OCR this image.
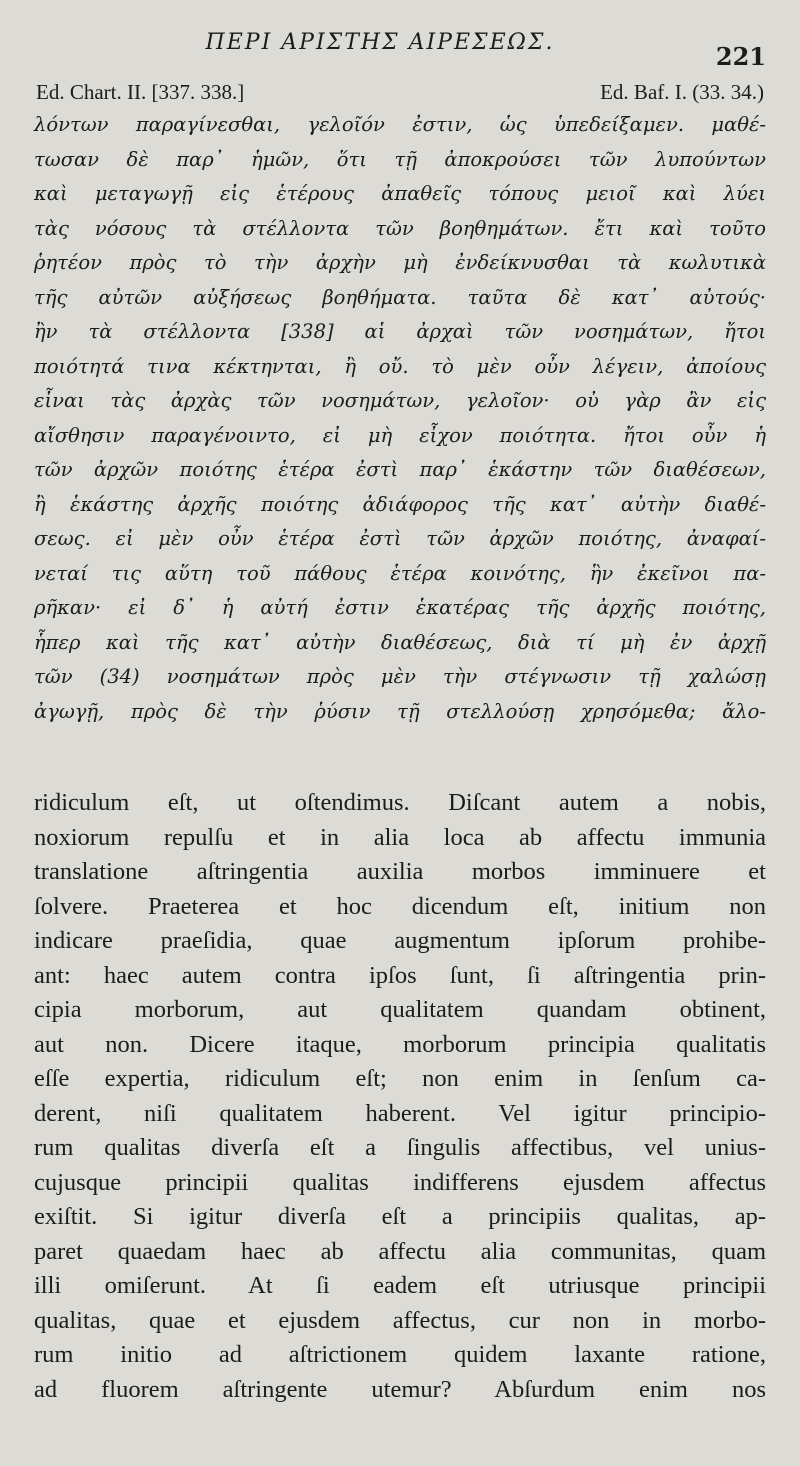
ΠΕΡΙ ΑΡΙΣΤΗΣ ΑΙΡΕΣΕΩΣ.	221
Ed. Chart. II. [337. 338.]	Ed. Baf. I. (33. 34.)
λόντων παραγίνεσθαι, γελοῖόν ἐστιν, ὡς ὑπεδείξαμεν. μαθέ-
τωσαν δὲ παρ᾽ ἡμῶν, ὅτι τῇ ἀποκρούσει τῶν λυπούντων
καὶ μεταγωγῇ εἰς ἑτέρους ἀπαθεῖς τόπους μειοῖ καὶ λύει
τὰς νόσους τὰ στέλλοντα τῶν βοηθημάτων. ἔτι καὶ τοῦτο
ῥητέον πρὸς τὸ τὴν ἀρχὴν μὴ ἐνδείκνυσθαι τὰ κωλυτικὰ
τῆς αὐτῶν αὐξήσεως βοηθήματα. ταῦτα δὲ κατ᾽ αὐτούς·
ἢν τὰ στέλλοντα [338] αἱ ἀρχαὶ τῶν νοσημάτων, ἤτοι
ποιότητά τινα κέκτηνται, ἢ οὔ. τὸ μὲν οὖν λέγειν, ἀποίους
εἶναι τὰς ἀρχὰς τῶν νοσημάτων, γελοῖον· οὐ γὰρ ἂν εἰς
αἴσθησιν παραγένοιντο, εἰ μὴ εἶχον ποιότητα. ἤτοι οὖν ἡ
τῶν ἀρχῶν ποιότης ἑτέρα ἐστὶ παρ᾽ ἑκάστην τῶν διαθέσεων,
ἢ ἑκάστης ἀρχῆς ποιότης ἀδιάφορος τῆς κατ᾽ αὐτὴν διαθέ-
σεως. εἰ μὲν οὖν ἑτέρα ἐστὶ τῶν ἀρχῶν ποιότης, ἀναφαί-
νεταί τις αὕτη τοῦ πάθους ἑτέρα κοινότης, ἣν ἐκεῖνοι πα-
ρῆκαν· εἰ δ᾽ ἡ αὐτή ἐστιν ἑκατέρας τῆς ἀρχῆς ποιότης,
ἧπερ καὶ τῆς κατ᾽ αὐτὴν διαθέσεως, διὰ τί μὴ ἐν ἀρχῇ
τῶν (34) νοσημάτων πρὸς μὲν τὴν στέγνωσιν τῇ χαλώσῃ
ἀγωγῇ, πρὸς δὲ τὴν ῥύσιν τῇ στελλούσῃ χρησόμεθα; ἄλο-
ridiculum eſt, ut oſtendimus. Diſcant autem a nobis,
noxiorum repulſu et in alia loca ab affectu immunia
translatione aſtringentia auxilia morbos imminuere et
ſolvere. Praeterea et hoc dicendum eſt, initium non
indicare praeſidia, quae augmentum ipſorum prohibe-
ant: haec autem contra ipſos ſunt, ſi aſtringentia prin-
cipia morborum, aut qualitatem quandam obtinent,
aut non. Dicere itaque, morborum principia qualitatis
eſſe expertia, ridiculum eſt; non enim in ſenſum ca-
derent, niſi qualitatem haberent. Vel igitur principio-
rum qualitas diverſa eſt a ſingulis affectibus, vel unius-
cujusque principii qualitas indifferens ejusdem affectus
exiſtit. Si igitur diverſa eſt a principiis qualitas, ap-
paret quaedam haec ab affectu alia communitas, quam
illi omiſerunt. At ſi eadem eſt utriusque principii
qualitas, quae et ejusdem affectus, cur non in morbo-
rum initio ad aſtrictionem quidem laxante ratione,
ad fluorem aſtringente utemur? Abſurdum enim nos
